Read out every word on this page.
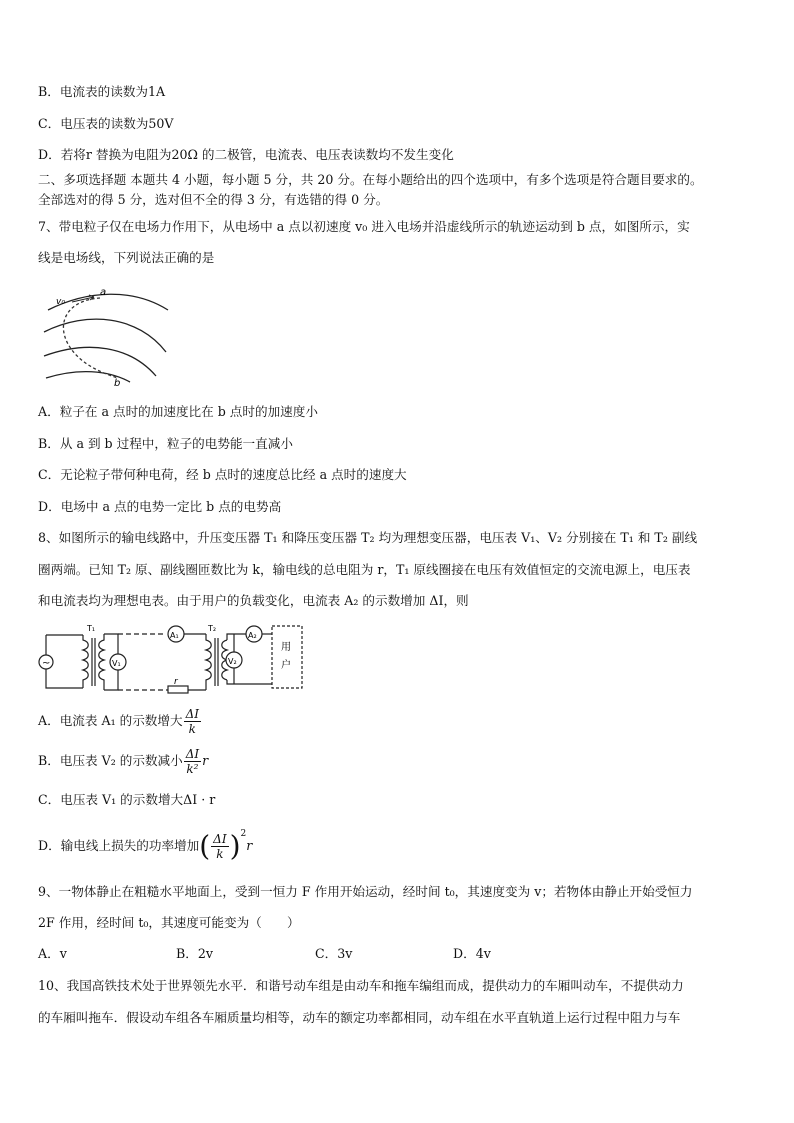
B．电流表的读数为1A
C．电压表的读数为50V
D．若将r 替换为电阻为20Ω 的二极管，电流表、电压表读数均不发生变化
二、多项选择题 本题共 4 小题，每小题 5 分，共 20 分。在每小题给出的四个选项中，有多个选项是符合题目要求的。
全部选对的得 5 分，选对但不全的得 3 分，有选错的得 0 分。
7、带电粒子仅在电场力作用下，从电场中 a 点以初速度 v₀ 进入电场并沿虚线所示的轨迹运动到 b 点，如图所示，实
线是电场线，下列说法正确的是
a
v₀
b
A．粒子在 a 点时的加速度比在 b 点时的加速度小
B．从 a 到 b 过程中，粒子的电势能一直减小
C．无论粒子带何种电荷，经 b 点时的速度总比经 a 点时的速度大
D．电场中 a 点的电势一定比 b 点的电势高
8、如图所示的输电线路中，升压变压器 T₁ 和降压变压器 T₂ 均为理想变压器，电压表 V₁、V₂ 分别接在 T₁ 和 T₂ 副线
圈两端。已知 T₂ 原、副线圈匝数比为 k，输电线的总电阻为 r，T₁ 原线圈接在电压有效值恒定的交流电源上，电压表
和电流表均为理想电表。由于用户的负载变化，电流表 A₂ 的示数增加 ΔI，则
~
T₁	T₂
V₁
A₁
V₂
A₂
r
用
户
A．电流表 A₁ 的示数增大 $\frac{\Delta I}{k}$
B．电压表 V₂ 的示数减小 $\frac{\Delta I}{\text{k²}}$ r
C．电压表 V₁ 的示数增大ΔI · r
D．输电线上损失的功率增加( $\frac{\Delta I}{k} )^2r$
9、一物体静止在粗糙水平地面上，受到一恒力 F 作用开始运动，经时间 t₀，其速度变为 v；若物体由静止开始受恒力
2F 作用，经时间 t₀，其速度可能变为（　　）
A．v	B．2v	C．3v	D．4v
10、我国高铁技术处于世界领先水平．和谐号动车组是由动车和拖车编组而成，提供动力的车厢叫动车，不提供动力
的车厢叫拖车．假设动车组各车厢质量均相等，动车的额定功率都相同，动车组在水平直轨道上运行过程中阻力与车
